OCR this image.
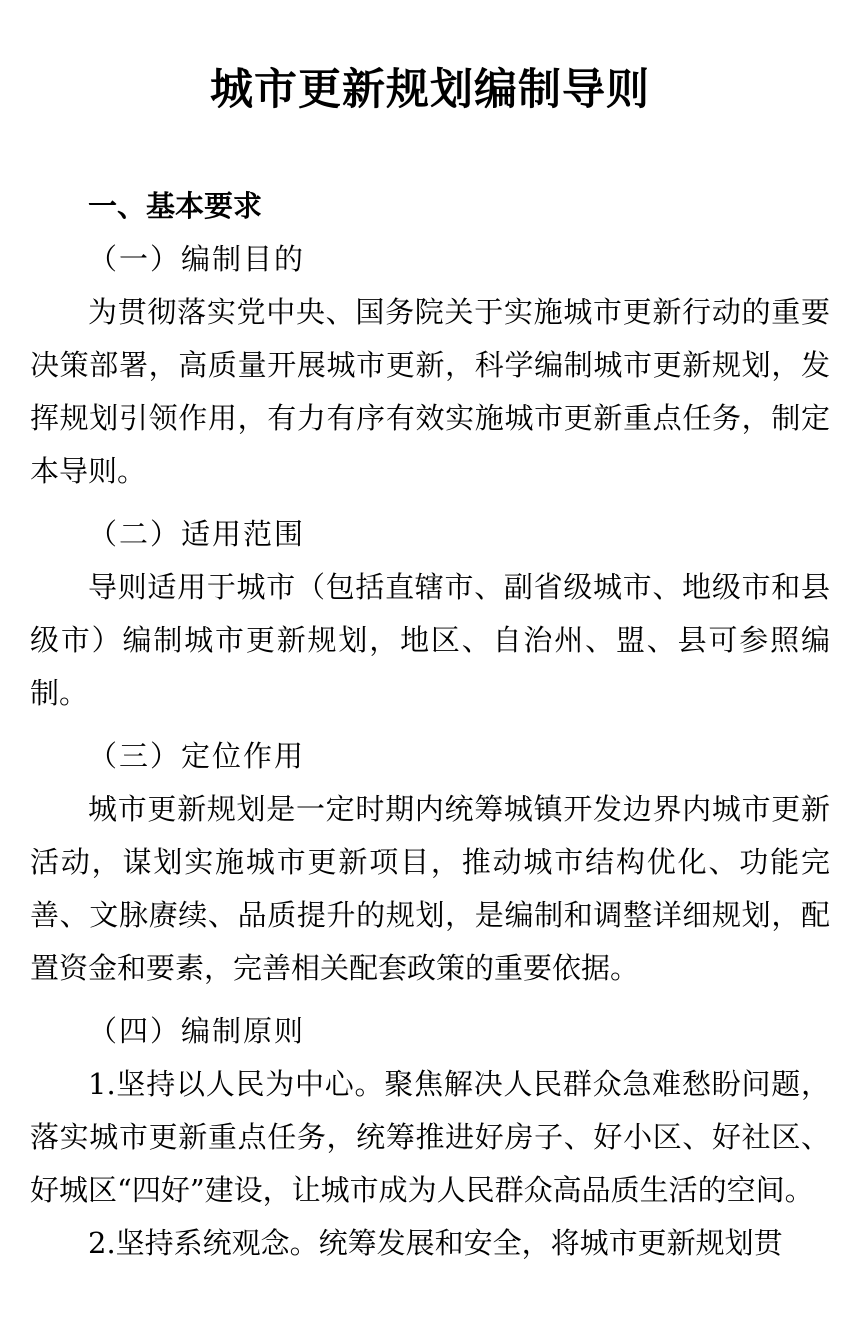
城市更新规划编制导则
一、基本要求
（一）编制目的

为贯彻落实党中央、国务院关于实施城市更新行动的重要决策部署，高质量开展城市更新，科学编制城市更新规划，发挥规划引领作用，有力有序有效实施城市更新重点任务，制定本导则。

（二）适用范围

导则适用于城市（包括直辖市、副省级城市、地级市和县级市）编制城市更新规划，地区、自治州、盟、县可参照编制。

（三）定位作用

城市更新规划是一定时期内统筹城镇开发边界内城市更新活动，谋划实施城市更新项目，推动城市结构优化、功能完善、文脉赓续、品质提升的规划，是编制和调整详细规划，配置资金和要素，完善相关配套政策的重要依据。

（四）编制原则

1.坚持以人民为中心。聚焦解决人民群众急难愁盼问题，落实城市更新重点任务，统筹推进好房子、好小区、好社区、好城区“四好”建设，让城市成为人民群众高品质生活的空间。

2.坚持系统观念。统筹发展和安全，将城市更新规划贯
